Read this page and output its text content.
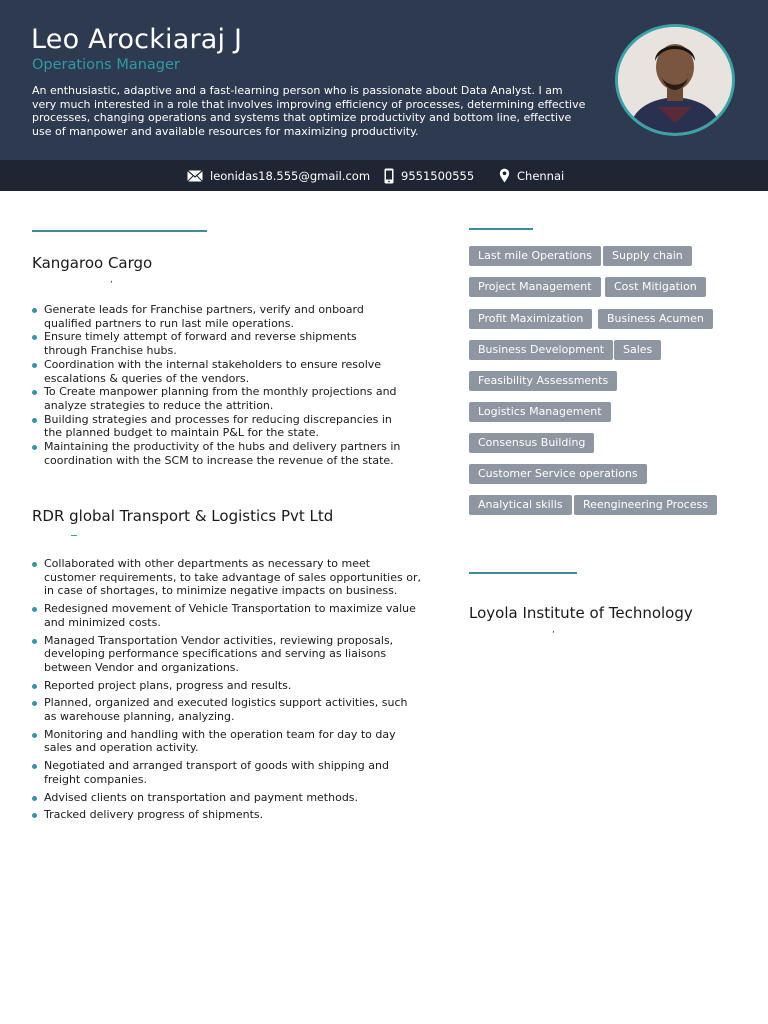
Leo Arockiaraj J
Operations Manager
An enthusiastic, adaptive and a fast-learning person who is passionate about Data Analyst. I am very much interested in a role that involves improving efficiency of processes, determining effective processes, changing operations and systems that optimize productivity and bottom line, effective use of manpower and available resources for maximizing productivity.
leonidas18.555@gmail.com	9551500555	Chennai
Kangaroo Cargo
,
Generate leads for Franchise partners, verify and onboard qualified partners to run last mile operations.
Ensure timely attempt of forward and reverse shipments through Franchise hubs.
Coordination with the internal stakeholders to ensure resolve escalations & queries of the vendors.
To Create manpower planning from the monthly projections and analyze strategies to reduce the attrition.
Building strategies and processes for reducing discrepancies in the planned budget to maintain P&L for the state.
Maintaining the productivity of the hubs and delivery partners in coordination with the SCM to increase the revenue of the state.
RDR global Transport & Logistics Pvt Ltd
Collaborated with other departments as necessary to meet customer requirements, to take advantage of sales opportunities or, in case of shortages, to minimize negative impacts on business.
Redesigned movement of Vehicle Transportation to maximize value and minimized costs.
Managed Transportation Vendor activities, reviewing proposals, developing performance specifications and serving as liaisons between Vendor and organizations.
Reported project plans, progress and results.
Planned, organized and executed logistics support activities, such as warehouse planning, analyzing.
Monitoring and handling with the operation team for day to day sales and operation activity.
Negotiated and arranged transport of goods with shipping and freight companies.
Advised clients on transportation and payment methods.
Tracked delivery progress of shipments.
Last mile Operations	Supply chain
Project Management	Cost Mitigation
Profit Maximization	Business Acumen
Business Development	Sales
Feasibility Assessments
Logistics Management
Consensus Building
Customer Service operations
Analytical skills	Reengineering Process
Loyola Institute of Technology
,
